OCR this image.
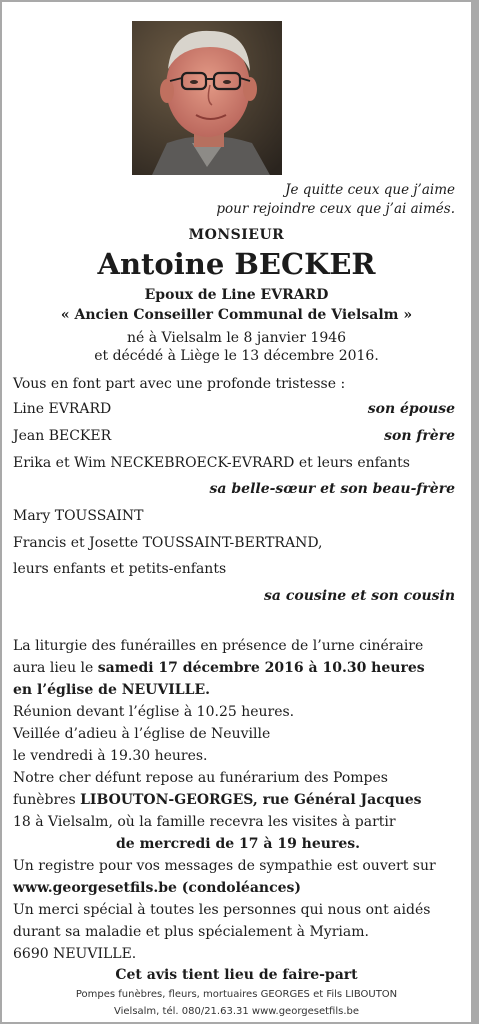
Je quitte ceux que j’aime
pour rejoindre ceux que j’ai aimés.
MONSIEUR
Antoine BECKER
Epoux de Line EVRARD
« Ancien Conseiller Communal de Vielsalm »
né à Vielsalm le 8 janvier 1946
et décédé à Liège le 13 décembre 2016.
Vous en font part avec une profonde tristesse :
Line EVRARD	son épouse
Jean BECKER	son frère
Erika et Wim NECKEBROECK-EVRARD et leurs enfants
sa belle-sœur et son beau-frère
Mary TOUSSAINT
Francis et Josette TOUSSAINT-BERTRAND,
leurs enfants et petits-enfants
sa cousine et son cousin
La liturgie des funérailles en présence de l’urne cinéraire
aura lieu le samedi 17 décembre 2016 à 10.30 heures
en l’église de NEUVILLE.
Réunion devant l’église à 10.25 heures.
Veillée d’adieu à l’église de Neuville
le vendredi à 19.30 heures.
Notre cher défunt repose au funérarium des Pompes
funèbres LIBOUTON-GEORGES, rue Général Jacques
18 à Vielsalm, où la famille recevra les visites à partir
de mercredi de 17 à 19 heures.
Un registre pour vos messages de sympathie est ouvert sur
www.georgesetfils.be (condoléances)
Un merci spécial à toutes les personnes qui nous ont aidés
durant sa maladie et plus spécialement à Myriam.
6690 NEUVILLE.
Cet avis tient lieu de faire-part
Pompes funèbres, fleurs, mortuaires GEORGES et Fils LIBOUTON
Vielsalm, tél. 080/21.63.31 www.georgesetfils.be
